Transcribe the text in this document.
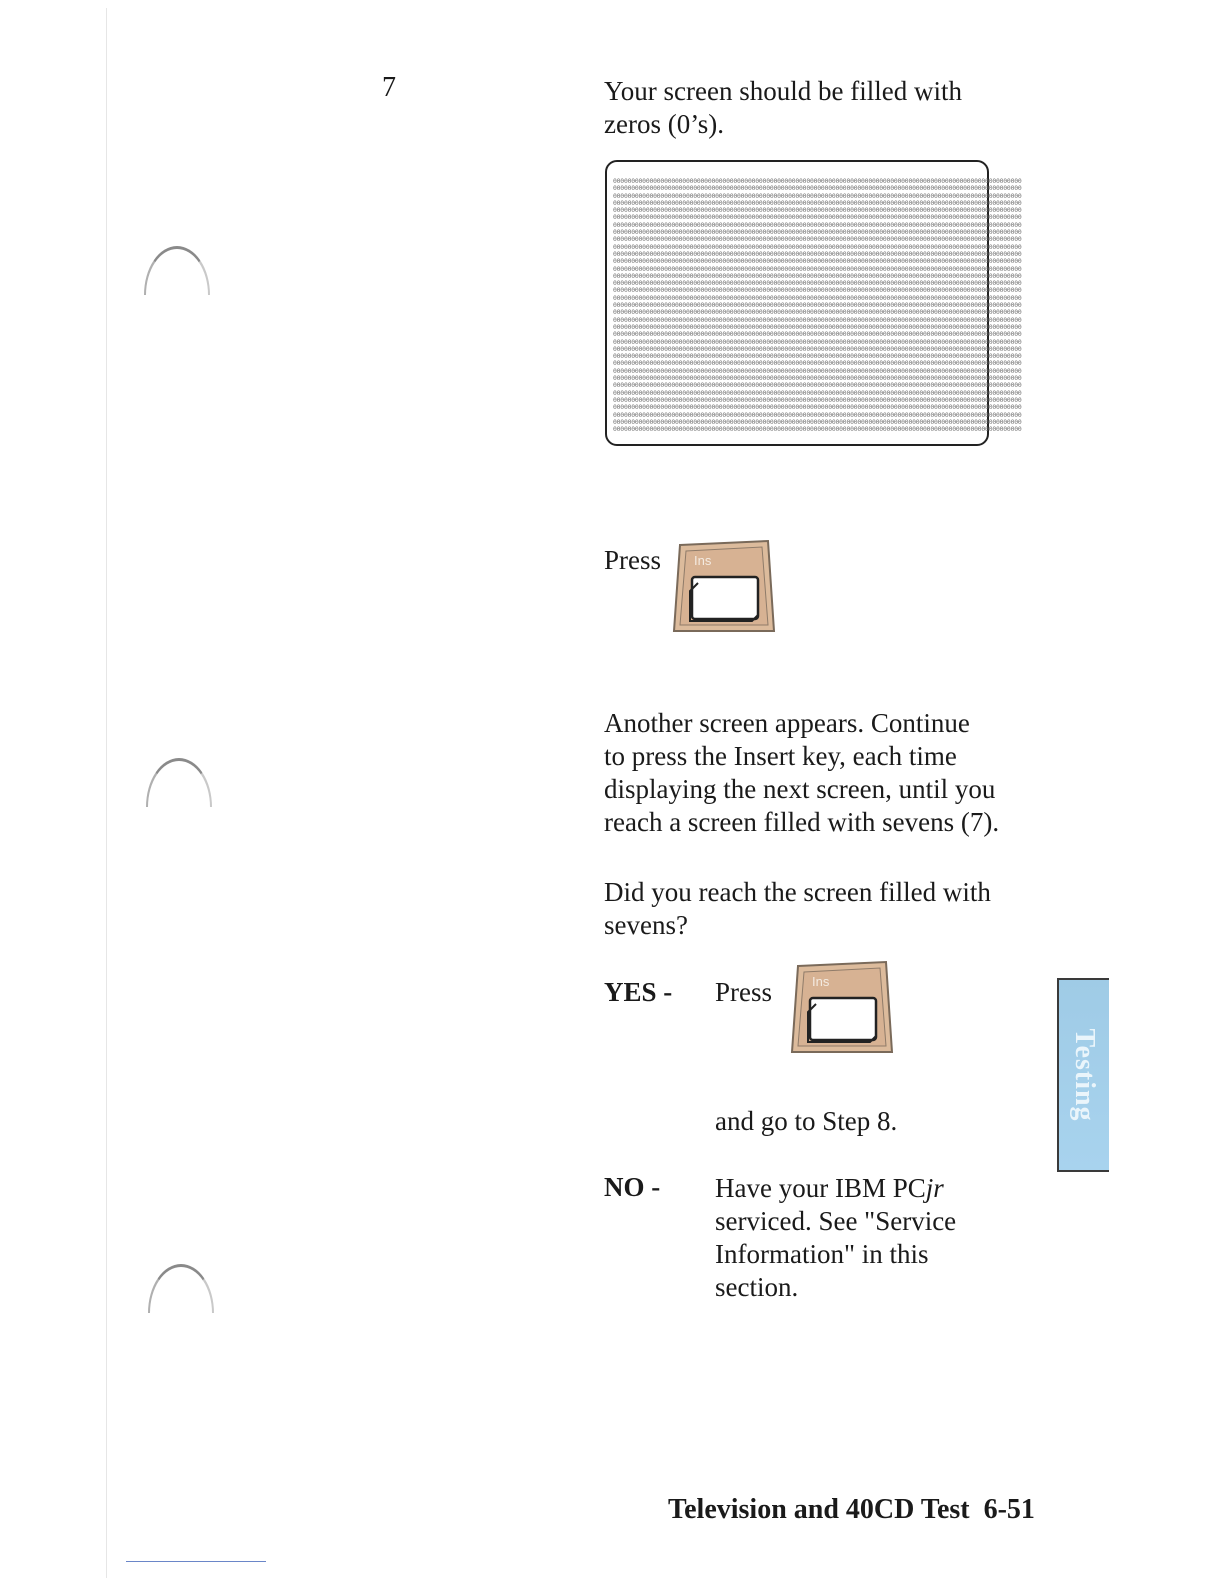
7	Your screen should be filled with
zeros (0’s).

0000000000000000000000000000000000000000000000000000000000000000000000000000000000000000000000000000000000000000
0000000000000000000000000000000000000000000000000000000000000000000000000000000000000000000000000000000000000000
0000000000000000000000000000000000000000000000000000000000000000000000000000000000000000000000000000000000000000
0000000000000000000000000000000000000000000000000000000000000000000000000000000000000000000000000000000000000000
0000000000000000000000000000000000000000000000000000000000000000000000000000000000000000000000000000000000000000
0000000000000000000000000000000000000000000000000000000000000000000000000000000000000000000000000000000000000000
0000000000000000000000000000000000000000000000000000000000000000000000000000000000000000000000000000000000000000
0000000000000000000000000000000000000000000000000000000000000000000000000000000000000000000000000000000000000000
0000000000000000000000000000000000000000000000000000000000000000000000000000000000000000000000000000000000000000
0000000000000000000000000000000000000000000000000000000000000000000000000000000000000000000000000000000000000000
0000000000000000000000000000000000000000000000000000000000000000000000000000000000000000000000000000000000000000
0000000000000000000000000000000000000000000000000000000000000000000000000000000000000000000000000000000000000000
0000000000000000000000000000000000000000000000000000000000000000000000000000000000000000000000000000000000000000
0000000000000000000000000000000000000000000000000000000000000000000000000000000000000000000000000000000000000000
0000000000000000000000000000000000000000000000000000000000000000000000000000000000000000000000000000000000000000
0000000000000000000000000000000000000000000000000000000000000000000000000000000000000000000000000000000000000000
0000000000000000000000000000000000000000000000000000000000000000000000000000000000000000000000000000000000000000
0000000000000000000000000000000000000000000000000000000000000000000000000000000000000000000000000000000000000000
0000000000000000000000000000000000000000000000000000000000000000000000000000000000000000000000000000000000000000
0000000000000000000000000000000000000000000000000000000000000000000000000000000000000000000000000000000000000000
0000000000000000000000000000000000000000000000000000000000000000000000000000000000000000000000000000000000000000
0000000000000000000000000000000000000000000000000000000000000000000000000000000000000000000000000000000000000000
0000000000000000000000000000000000000000000000000000000000000000000000000000000000000000000000000000000000000000
0000000000000000000000000000000000000000000000000000000000000000000000000000000000000000000000000000000000000000
0000000000000000000000000000000000000000000000000000000000000000000000000000000000000000000000000000000000000000
0000000000000000000000000000000000000000000000000000000000000000000000000000000000000000000000000000000000000000
0000000000000000000000000000000000000000000000000000000000000000000000000000000000000000000000000000000000000000
0000000000000000000000000000000000000000000000000000000000000000000000000000000000000000000000000000000000000000
0000000000000000000000000000000000000000000000000000000000000000000000000000000000000000000000000000000000000000
0000000000000000000000000000000000000000000000000000000000000000000000000000000000000000000000000000000000000000
0000000000000000000000000000000000000000000000000000000000000000000000000000000000000000000000000000000000000000
0000000000000000000000000000000000000000000000000000000000000000000000000000000000000000000000000000000000000000
0000000000000000000000000000000000000000000000000000000000000000000000000000000000000000000000000000000000000000
0000000000000000000000000000000000000000000000000000000000000000000000000000000000000000000000000000000000000000
0000000000000000000000000000000000000000000000000000000000000000000000000000000000000000000000000000000000000000
Press	Ins

Another screen appears. Continue
to press the Insert key, each time
displaying the next screen, until you
reach a screen filled with sevens (7).

Did you reach the screen filled with
sevens?

YES - Press	Ins
and go to Step 8.
NO - Have your IBM PCjr
serviced. See "Service
Information" in this
section.

Testing
Television and 40CD Test 6-51
